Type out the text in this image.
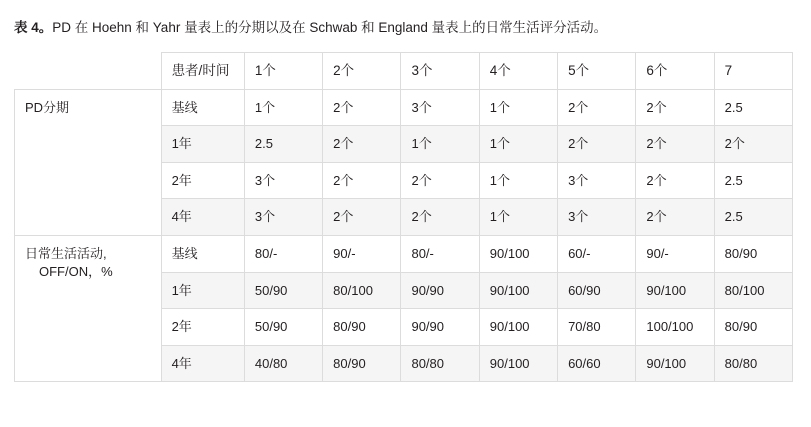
表 4。PD 在 Hoehn 和 Yahr 量表上的分期以及在 Schwab 和 England 量表上的日常生活评分活动。
	患者/时间	1个	2个	3个	4个	5个	6个	7
PD分期	基线	1个	2个	3个	1个	2个	2个	2.5
	1年	2.5	2个	1个	1个	2个	2个	2个
	2年	3个	2个	2个	1个	3个	2个	2.5
	4年	3个	2个	2个	1个	3个	2个	2.5
日常生活活动,
OFF/ON，%	基线	80/-	90/-	80/-	90/100	60/-	90/-	80/90
	1年	50/90	80/100	90/90	90/100	60/90	90/100	80/100
	2年	50/90	80/90	90/90	90/100	70/80	100/100	80/90
	4年	40/80	80/90	80/80	90/100	60/60	90/100	80/80
